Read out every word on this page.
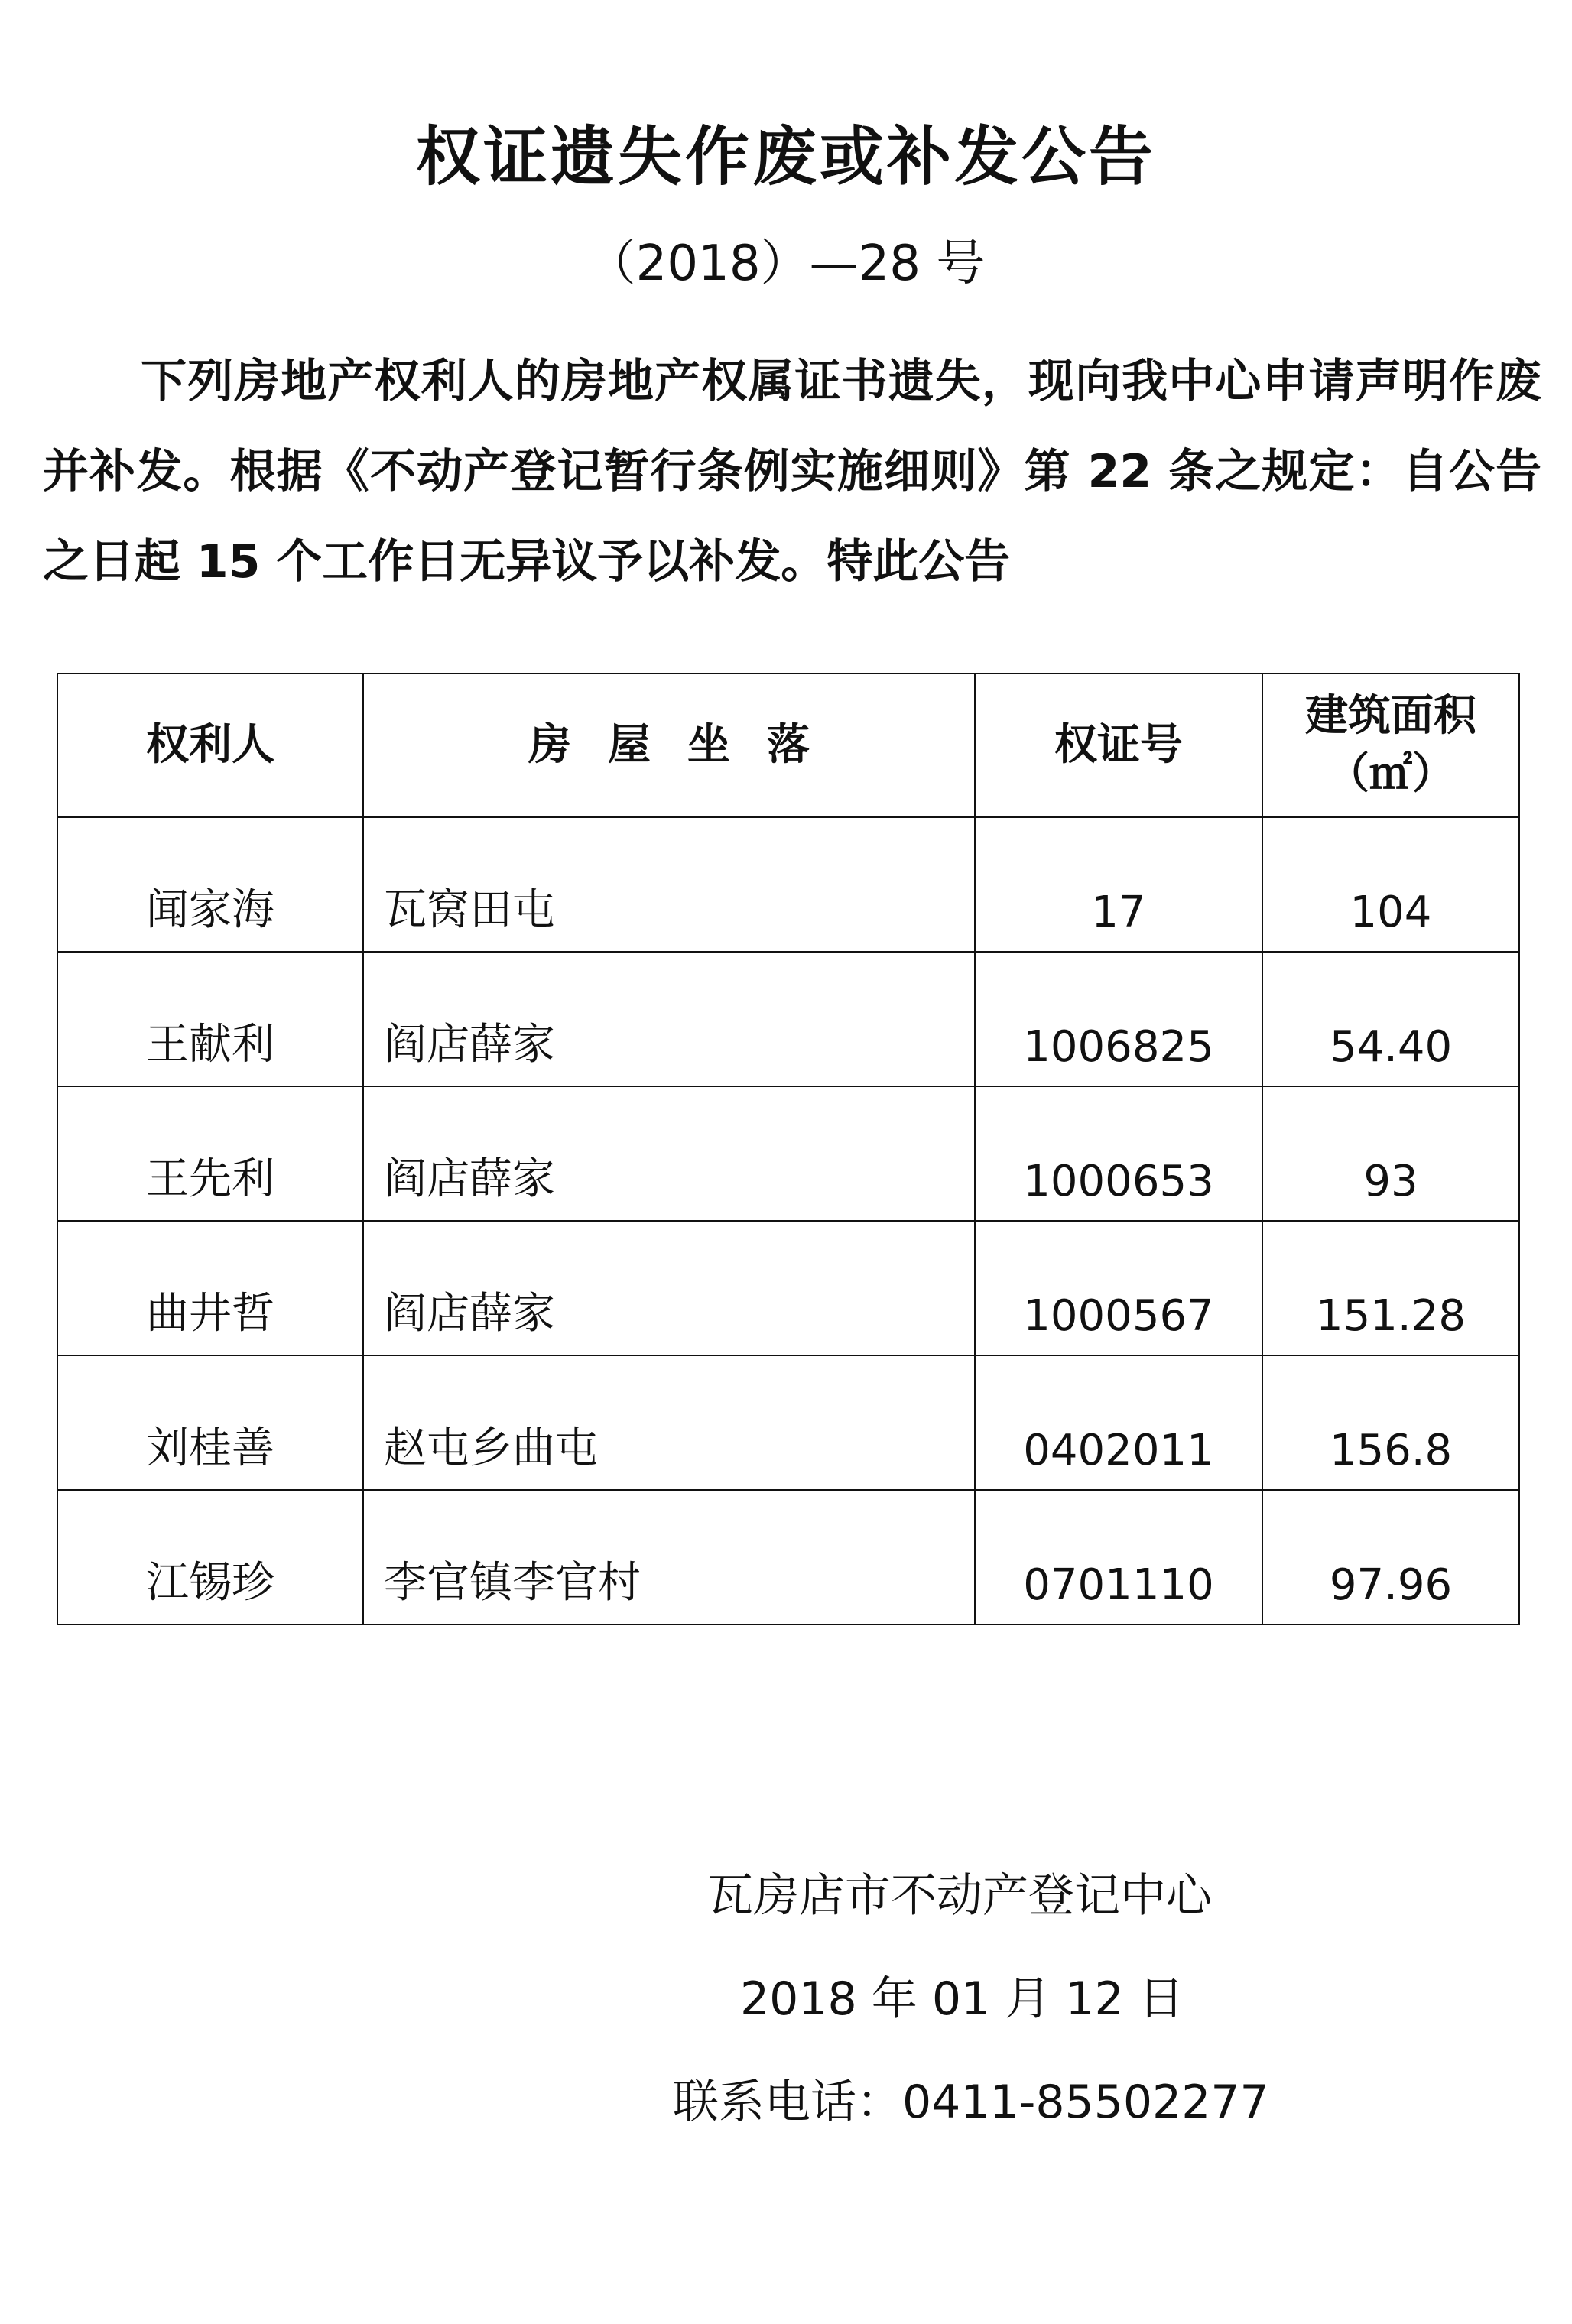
权证遗失作废或补发公告
（2018）—28 号
下列房地产权利人的房地产权属证书遗失，现向我中心申请声明作废并补发。根据《不动产登记暂行条例实施细则》第 22 条之规定：自公告之日起 15 个工作日无异议予以补发。特此公告
权利人	房屋坐落	权证号	建筑面积
（㎡）

闻家海	瓦窝田屯	17	104
王献利	阎店薛家	1006825	54.40
王先利	阎店薛家	1000653	93
曲井哲	阎店薛家	1000567	151.28
刘桂善	赵屯乡曲屯	0402011	156.8
江锡珍	李官镇李官村	0701110	97.96
瓦房店市不动产登记中心
2018 年 01 月 12 日
联系电话：0411-85502277
